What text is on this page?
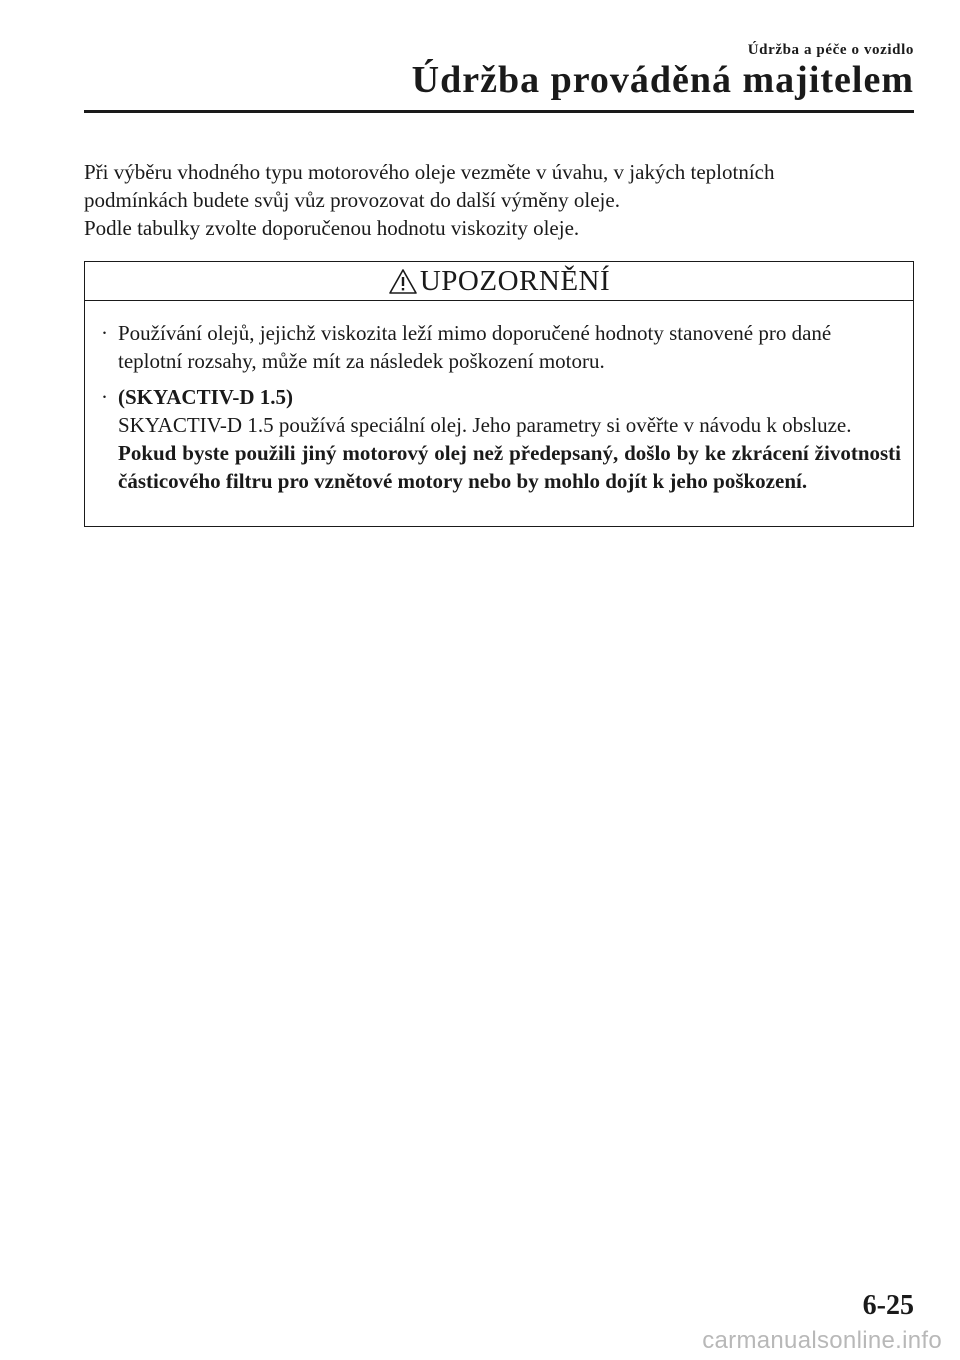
Údržba a péče o vozidlo
Údržba prováděná majitelem

Při výběru vhodného typu motorového oleje vezměte v úvahu, v jakých teplotních

podmínkách budete svůj vůz provozovat do další výměny oleje.

Podle tabulky zvolte doporučenou hodnotu viskozity oleje.

UPOZORNĚNÍ
· Používání olejů, jejichž viskozita leží mimo doporučené hodnoty stanovené pro dané

teplotní rozsahy, může mít za následek poškození motoru.

· (SKYACTIV-D 1.5)

SKYACTIV-D 1.5 používá speciální olej. Jeho parametry si ověřte v návodu k obsluze.

Pokud byste použili jiný motorový olej než předepsaný, došlo by ke zkrácení životnosti částicového filtru pro vznětové motory nebo by mohlo dojít k jeho poškození.

6-25
carmanualsonline.info
